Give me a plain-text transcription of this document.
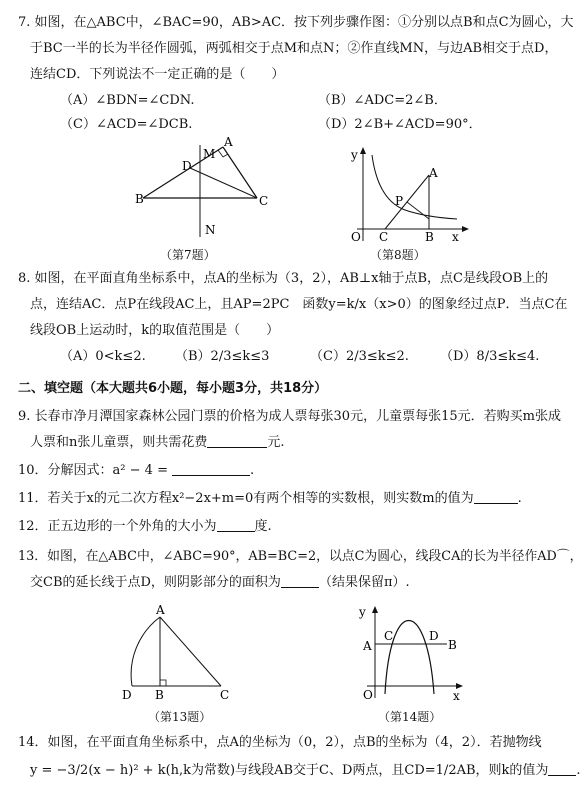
7. 如图，在△ABC中，∠BAC=90，AB>AC．按下列步骤作图：①分别以点B和点C为圆心，大
于BC一半的长为半径作圆弧，两弧相交于点M和点N；②作直线MN，与边AB相交于点D，
连结CD．下列说法不一定正确的是（　　）
（A）∠BDN=∠CDN.	（B）∠ADC=2∠B．
（C）∠ACD=∠DCB.	（D）2∠B+∠ACD=90°．
M
A
D
B	C
N
（第7题）
y
A
P
O C	B x
（第8题）
8. 如图，在平面直角坐标系中，点A的坐标为（3，2），AB⊥x轴于点B，点C是线段OB上的
点，连结AC．点P在线段AC上，且AP=2PC　函数y=k/x（x>0）的图象经过点P．当点C在
线段OB上运动时，k的取值范围是（　　）
（A）0<k≤2. （B）2/3≤k≤3	（C）2/3≤k≤2. （D）8/3≤k≤4.
二、填空题（本大题共6小题，每小题3分，共18分）
9. 长春市净月潭国家森林公园门票的价格为成人票每张30元，儿童票每张15元．若购买m张成
人票和n张儿童票，则共需花费	元.
10．分解因式：a² − 4 =	.
11．若关于x的元二次方程x²−2x+m=0有两个相等的实数根，则实数m的值为	.
12．正五边形的一个外角的大小为	度.
13．如图，在△ABC中，∠ABC=90°，AB=BC=2，以点C为圆心，线段CA的长为半径作AD⌒，
交CB的延长线于点D，则阴影部分的面积为	（结果保留π）.
A
D B	C
（第13题）
y
A
C	D
B
O	x
（第14题）
14．如图，在平面直角坐标系中，点A的坐标为（0，2），点B的坐标为（4，2）．若抛物线
y = −3/2(x − h)² + k(h,k为常数)与线段AB交于C、D两点，且CD=1/2AB，则k的值为 .
